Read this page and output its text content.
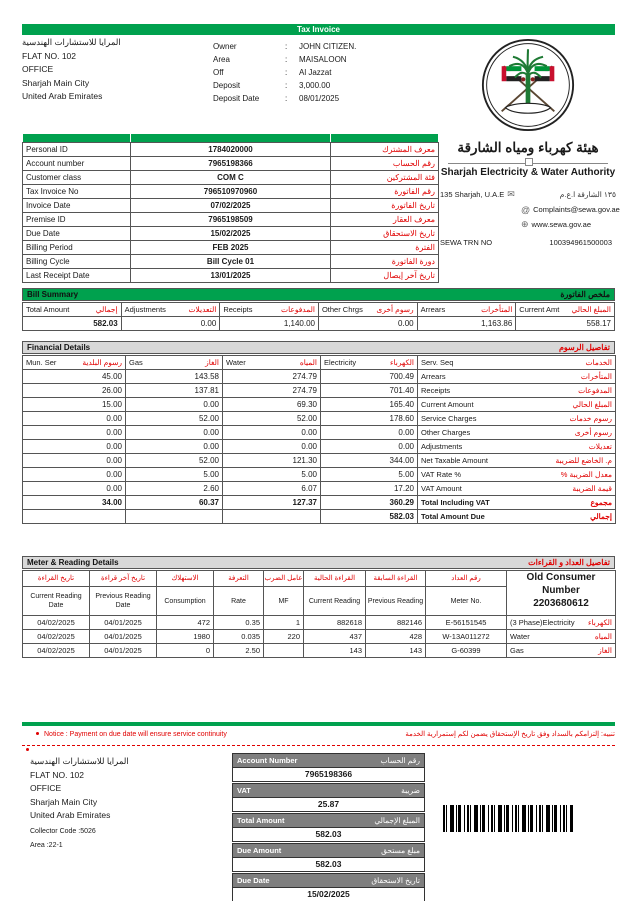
Tax Invoice
المرايا للاستشارات الهندسية
FLAT NO. 102
OFFICE
Sharjah Main City
United Arab Emirates
Owner	:	JOHN CITIZEN.
Area	:	MAISALOON
Off	:	Al Jazzat
Deposit	:	3,000.00
Deposit Date	:	08/01/2025
هيئة كهرباء ومياه الشارقة
Sharjah Electricity & Water Authority
135 Sharjah, U.A.E ✉	١٣٥ الشارقة ا.ع.م
@ Complaints@sewa.gov.ae
⊕ www.sewa.gov.ae
SEWA TRN NO	100394961500003

Personal ID	1784020000	معرف المشترك
Account number	7965198366	رقم الحساب
Customer class	COM C	فئة المشتركين
Tax Invoice No	796510970960	رقم الفاتورة
Invoice Date	07/02/2025	تاريخ الفاتورة
Premise ID	7965198509	معرف العقار
Due Date	15/02/2025	تاريخ الاستحقاق
Billing Period	FEB 2025	الفترة
Billing Cycle	Bill Cycle 01	دورة الفاتورة
Last Receipt Date	13/01/2025	تاريخ آخر إيصال
Bill Summary	ملخص الفاتورة
Total Amount إجمالي	Adjustments التعديلات	Receipts المدفوعات	Other Chrgs رسوم أخرى	Arrears المتأخرات	Current Amt المبلغ الحالي

582.03	0.00	1,140.00	0.00	1,163.86	558.17
Financial Details	تفاصيل الرسوم
Mun. Ser رسوم البلدية	Gas الغاز	Water المياه	Electricity الكهرباء	Serv. Seq الخدمات

45.00	143.58	274.79	700.49	Arrears المتأخرات

26.00	137.81	274.79	701.40	Receipts المدفوعات

15.00	0.00	69.30	165.40	Current Amount المبلغ الحالي

0.00	52.00	52.00	178.60	Service Charges رسوم خدمات

0.00	0.00	0.00	0.00	Other Charges رسوم أخرى

0.00	0.00	0.00	0.00	Adjustments تعديلات

0.00	52.00	121.30	344.00	Net Taxable Amount م. الخاضع للضريبة

0.00	5.00	5.00	5.00	VAT Rate % معدل الضريبة %

0.00	2.60	6.07	17.20	VAT Amount قيمة الضريبة

34.00	60.37	127.37	360.29	Total Including VAT مجموع

			582.03	Total Amount Due إجمالي
Meter & Reading Details	تفاصيل العداد و القراءات
تاريخ القراءة
Current Reading Date

تاريخ آخر قراءة
Previous Reading Date

الاستهلاك
Consumption

التعرفة
Rate

عامل الضرب
MF

القراءة الحالية
Current Reading

القراءة السابقة
Previous Reading

رقم العداد
Meter No.

Old Consumer Number
2203680612

04/02/2025	04/01/2025	472	0.35	1	882618	882146	E-56151545	(3 Phase)Electricity الكهرباء

04/02/2025	04/01/2025	1980	0.035	220	437	428	W-13A011272	Water المياه

04/02/2025	04/01/2025	0	2.50		143	143	G-60399	Gas الغاز
Notice : Payment on due date will ensure service continuity	تنبيه: إلتزامكم بالسداد وفق تاريخ الإستحقاق يضمن لكم إستمرارية الخدمة
المرايا للاستشارات الهندسية
FLAT NO. 102
OFFICE
Sharjah Main City
United Arab Emirates
Collector Code :5026
Area :22-1
Account Number	رقم الحساب
7965198366
VAT	ضريبة
25.87
Total Amount	المبلغ الإجمالي
582.03
Due Amount	مبلغ مستحق
582.03
Due Date	تاريخ الاستحقاق
15/02/2025
